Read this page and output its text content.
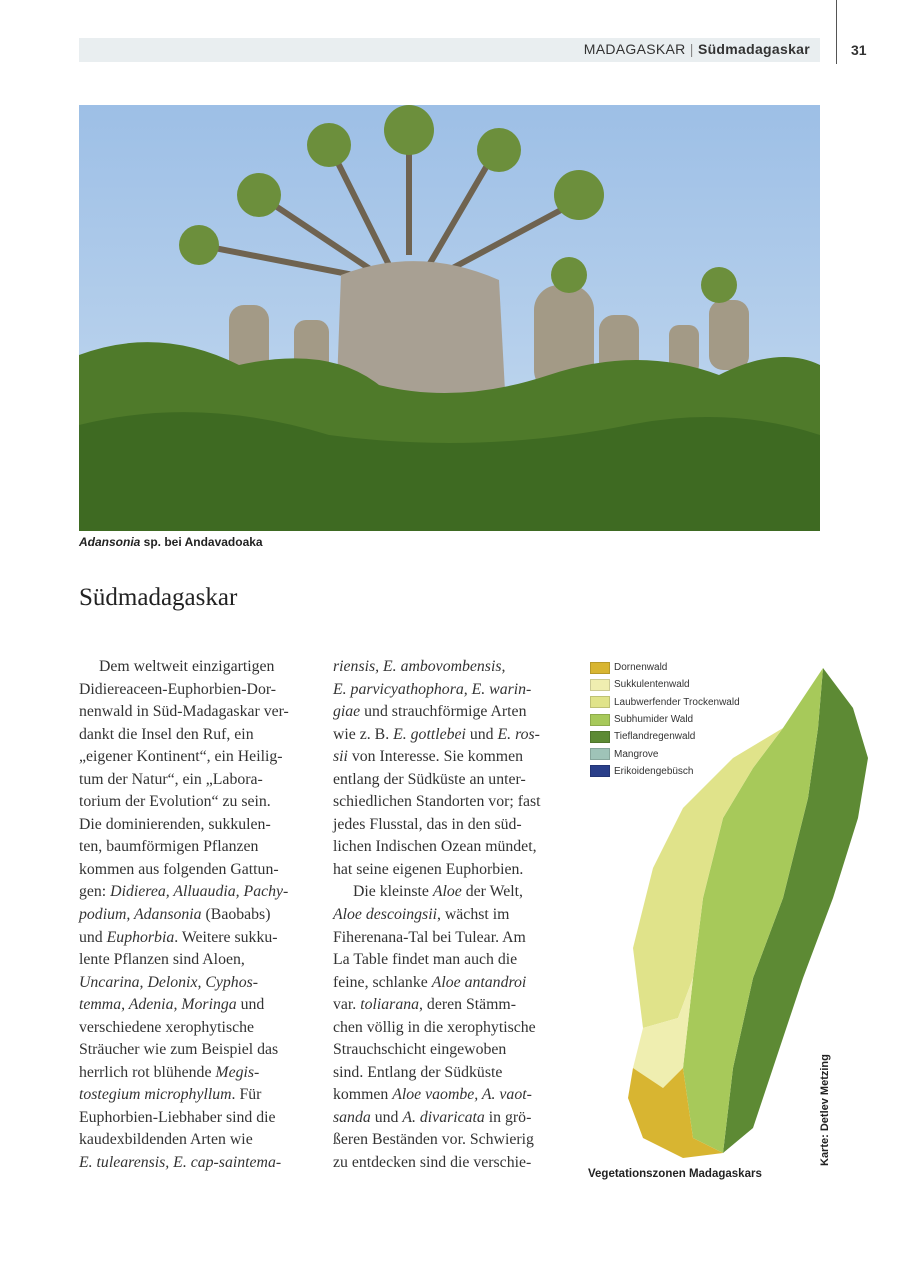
MADAGASKAR | Südmadagaskar	31
Adansonia sp. bei Andavadoaka
Südmadagaskar
Dem weltweit einzigartigen
Didiereaceen-Euphorbien-Dor-
nenwald in Süd-Madagaskar ver-
dankt die Insel den Ruf, ein
„eigener Kontinent“, ein Heilig-
tum der Natur“, ein „Labora-
torium der Evolution“ zu sein.
Die dominierenden, sukkulen-
ten, baumförmigen Pflanzen
kommen aus folgenden Gattun-
gen: Didierea, Alluaudia, Pachy-
podium, Adansonia (Baobabs)
und Euphorbia. Weitere sukku-
lente Pflanzen sind Aloen,
Uncarina, Delonix, Cyphos-
temma, Adenia, Moringa und
verschiedene xerophytische
Sträucher wie zum Beispiel das
herrlich rot blühende Megis-
tostegium microphyllum. Für
Euphorbien-Liebhaber sind die
kaudexbildenden Arten wie
E. tulearensis, E. cap-saintema-
riensis, E. ambovombensis,
E. parvicyathophora, E. warin-
giae und strauchförmige Arten
wie z. B. E. gottlebei und E. ros-
sii von Interesse. Sie kommen
entlang der Südküste an unter-
schiedlichen Standorten vor; fast
jedes Flusstal, das in den süd-
lichen Indischen Ozean mündet,
hat seine eigenen Euphorbien.
Die kleinste Aloe der Welt,
Aloe descoingsii, wächst im
Fiherenana-Tal bei Tulear. Am
La Table findet man auch die
feine, schlanke Aloe antandroi
var. toliarana, deren Stämm-
chen völlig in die xerophytische
Strauchschicht eingewoben
sind. Entlang der Südküste
kommen Aloe vaombe, A. vaot-
sanda und A. divaricata in grö-
ßeren Beständen vor. Schwierig
zu entdecken sind die verschie-
Dornenwald
Sukkulentenwald
Laubwerfender Trockenwald
Subhumider Wald
Tieflandregenwald
Mangrove
Erikoidengebüsch
Vegetationszonen Madagaskars
Karte: Detlev Metzing
